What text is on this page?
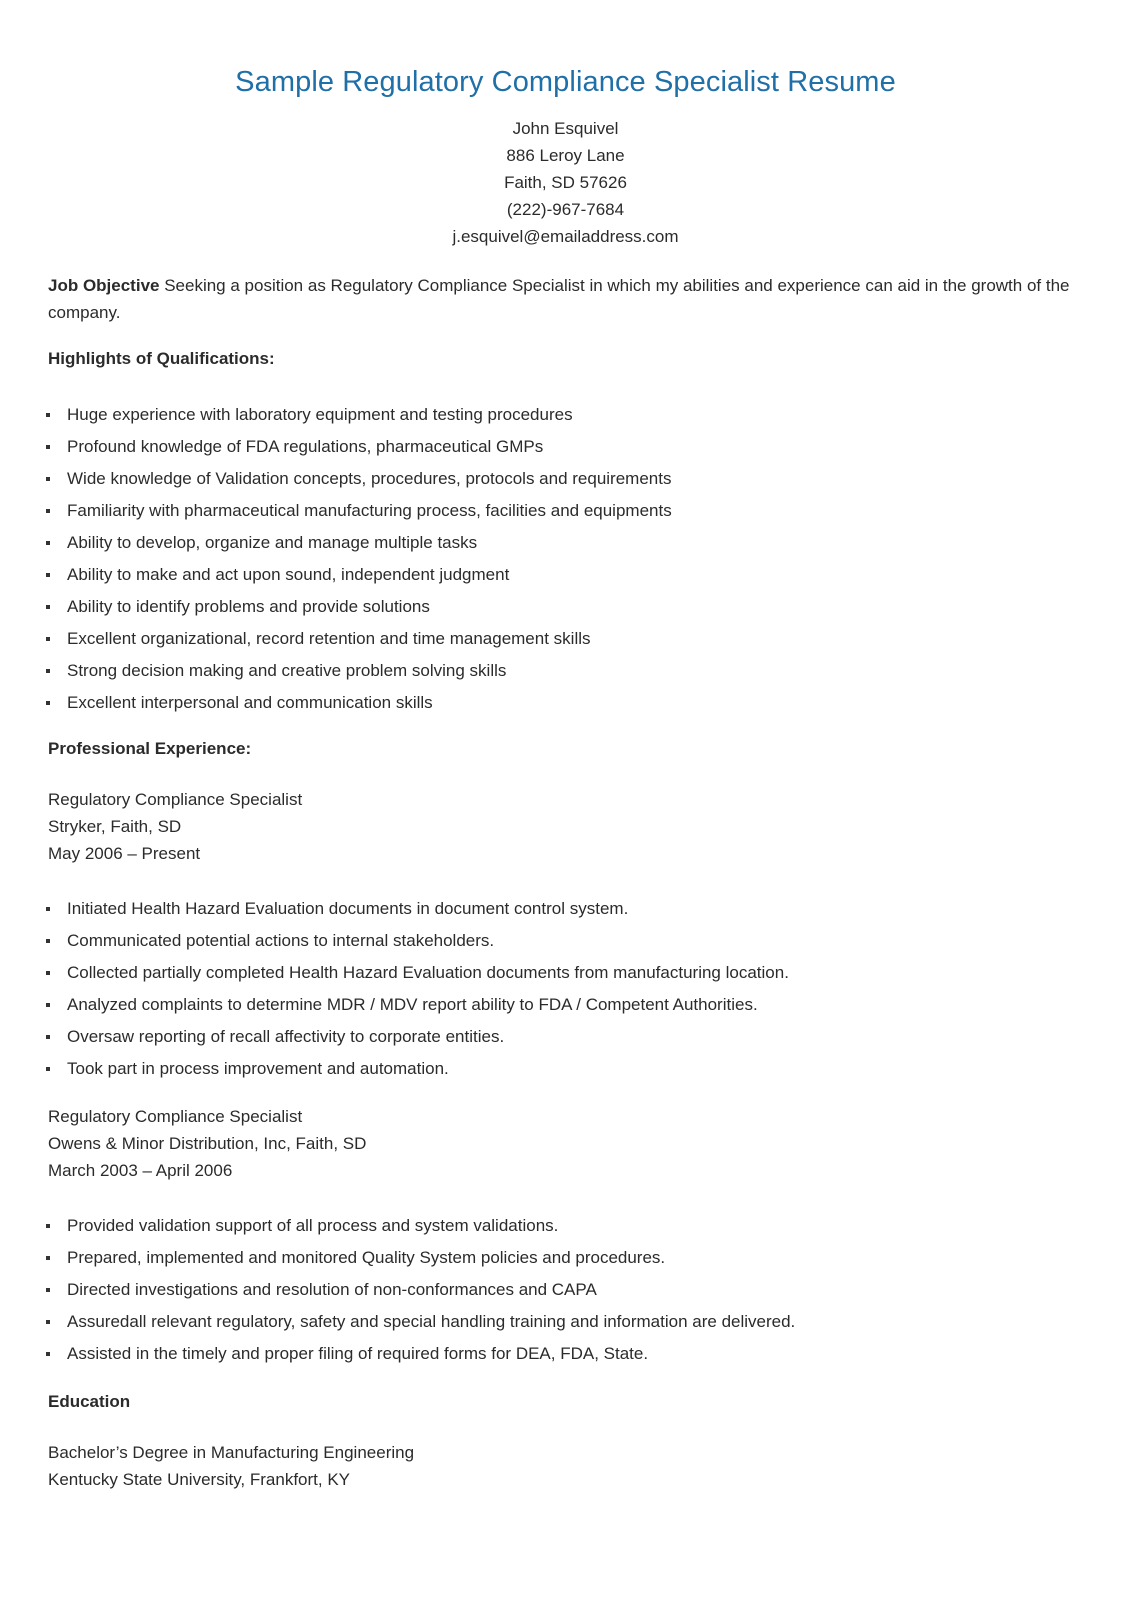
Sample Regulatory Compliance Specialist Resume
John Esquivel
886 Leroy Lane
Faith, SD 57626
(222)-967-7684
j.esquivel@emailaddress.com
Job Objective Seeking a position as Regulatory Compliance Specialist in which my abilities and experience can aid in the growth of the company.
Highlights of Qualifications:
Huge experience with laboratory equipment and testing procedures
Profound knowledge of FDA regulations, pharmaceutical GMPs
Wide knowledge of Validation concepts, procedures, protocols and requirements
Familiarity with pharmaceutical manufacturing process, facilities and equipments
Ability to develop, organize and manage multiple tasks
Ability to make and act upon sound, independent judgment
Ability to identify problems and provide solutions
Excellent organizational, record retention and time management skills
Strong decision making and creative problem solving skills
Excellent interpersonal and communication skills
Professional Experience:
Regulatory Compliance Specialist
Stryker, Faith, SD
May 2006 – Present
Initiated Health Hazard Evaluation documents in document control system.
Communicated potential actions to internal stakeholders.
Collected partially completed Health Hazard Evaluation documents from manufacturing location.
Analyzed complaints to determine MDR / MDV report ability to FDA / Competent Authorities.
Oversaw reporting of recall affectivity to corporate entities.
Took part in process improvement and automation.
Regulatory Compliance Specialist
Owens & Minor Distribution, Inc, Faith, SD
March 2003 – April 2006
Provided validation support of all process and system validations.
Prepared, implemented and monitored Quality System policies and procedures.
Directed investigations and resolution of non-conformances and CAPA
Assuredall relevant regulatory, safety and special handling training and information are delivered.
Assisted in the timely and proper filing of required forms for DEA, FDA, State.
Education
Bachelor’s Degree in Manufacturing Engineering
Kentucky State University, Frankfort, KY
